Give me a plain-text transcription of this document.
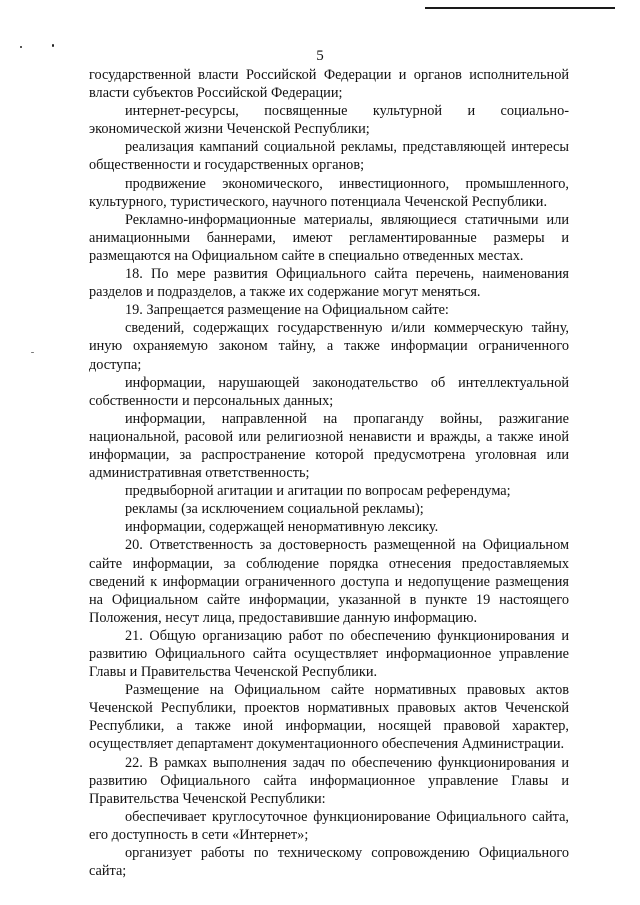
5

государственной власти Российской Федерации и органов исполнительной власти субъектов Российской Федерации;

интернет-ресурсы, посвященные культурной и социально-экономической жизни Чеченской Республики;

реализация кампаний социальной рекламы, представляющей интересы общественности и государственных органов;

продвижение экономического, инвестиционного, промышленного, культурного, туристического, научного потенциала Чеченской Республики.

Рекламно-информационные материалы, являющиеся статичными или анимационными баннерами, имеют регламентированные размеры и размещаются на Официальном сайте в специально отведенных местах.

18. По мере развития Официального сайта перечень, наименования разделов и подразделов, а также их содержание могут меняться.

19. Запрещается размещение на Официальном сайте:

сведений, содержащих государственную и/или коммерческую тайну, иную охраняемую законом тайну, а также информации ограниченного доступа;

информации, нарушающей законодательство об интеллектуальной собственности и персональных данных;

информации, направленной на пропаганду войны, разжигание национальной, расовой или религиозной ненависти и вражды, а также иной информации, за распространение которой предусмотрена уголовная или административная ответственность;

предвыборной агитации и агитации по вопросам референдума;

рекламы (за исключением социальной рекламы);

информации, содержащей ненормативную лексику.

20. Ответственность за достоверность размещенной на Официальном сайте информации, за соблюдение порядка отнесения предоставляемых сведений к информации ограниченного доступа и недопущение размещения на Официальном сайте информации, указанной в пункте 19 настоящего Положения, несут лица, предоставившие данную информацию.

21. Общую организацию работ по обеспечению функционирования и развитию Официального сайта осуществляет информационное управление Главы и Правительства Чеченской Республики.

Размещение на Официальном сайте нормативных правовых актов Чеченской Республики, проектов нормативных правовых актов Чеченской Республики, а также иной информации, носящей правовой характер, осуществляет департамент документационного обеспечения Администрации.

22. В рамках выполнения задач по обеспечению функционирования и развитию Официального сайта информационное управление Главы и Правительства Чеченской Республики:

обеспечивает круглосуточное функционирование Официального сайта, его доступность в сети «Интернет»;

организует работы по техническому сопровождению Официального сайта;
